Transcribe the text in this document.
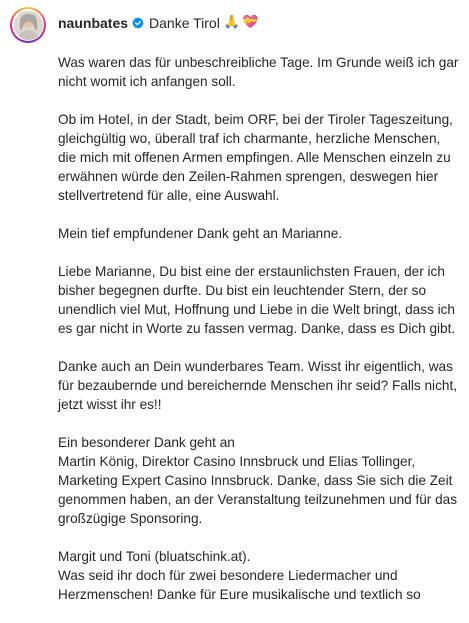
naunbates Danke Tirol 🙏 💝

Was waren das für unbeschreibliche Tage. Im Grunde weiß ich gar nicht womit ich anfangen soll.

Ob im Hotel, in der Stadt, beim ORF, bei der Tiroler Tageszeitung, gleichgültig wo, überall traf ich charmante, herzliche Menschen, die mich mit offenen Armen empfingen. Alle Menschen einzeln zu erwähnen würde den Zeilen-Rahmen sprengen, deswegen hier stellvertretend für alle, eine Auswahl.

Mein tief empfundener Dank geht an Marianne.

Liebe Marianne, Du bist eine der erstaunlichsten Frauen, der ich bisher begegnen durfte. Du bist ein leuchtender Stern, der so unendlich viel Mut, Hoffnung und Liebe in die Welt bringt, dass ich es gar nicht in Worte zu fassen vermag. Danke, dass es Dich gibt.

Danke auch an Dein wunderbares Team. Wisst ihr eigentlich, was für bezaubernde und bereichernde Menschen ihr seid? Falls nicht, jetzt wisst ihr es!!

Ein besonderer Dank geht an
Martin König, Direktor Casino Innsbruck und Elias Tollinger, Marketing Expert Casino Innsbruck. Danke, dass Sie sich die Zeit genommen haben, an der Veranstaltung teilzunehmen und für das großzügige Sponsoring.

Margit und Toni (bluatschink.at).
Was seid ihr doch für zwei besondere Liedermacher und Herzmenschen! Danke für Eure musikalische und textlich so
